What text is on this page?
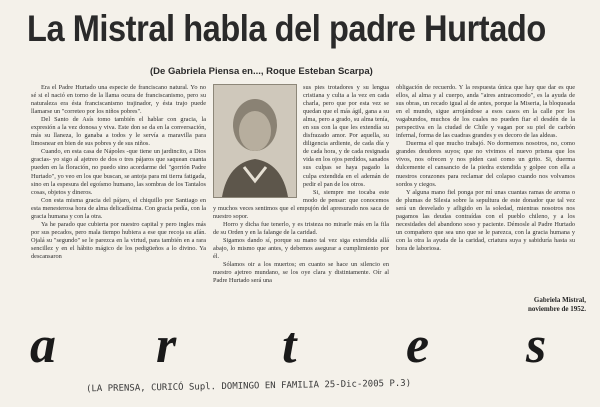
La Mistral habla del padre Hurtado
(De Gabriela Piensa en..., Roque Esteban Scarpa)

Era el Padre Hurtado una especie de franciscano natural. Yo no sé si el nació en torno de la llama ocura de franciscanismo, pero su naturaleza era ésta franciscanismo trajinador, y ésta trajo puede llamarse un "correteo por los niños pobres".

Del Santo de Asís tomo también el hablar con gracia, la expresión a la vez donosa y viva. Este don se da en la conversación, más su llaneza, lo ganaba a todos y le servía a maravilla para limosnear en bien de sus pobres y de sus niños.

Cuando, en esta casa de Nápoles -que tiene un jardincito, a Dios gracias- yo sigo al ajetreo de dos o tres pájaros que saquean cuanta pueden en la floración, no puedo sino acordarme del "gorrión Padre Hurtado", yo veo en los que buscan, se antoja para mi tierra fatigada, sino en la espesura del egoísmo humano, las sombras de los Tantalos cosas, objetos y dineros.

Con esta misma gracia del pájaro, el chiquillo por Santiago en esta menesterosa hora de alma delicadísima. Con gracia pedía, con la gracia humana y con la otra.

Ya he parado que cubierta por nuestro capital y pero ingles más por sus pecados, pero mala tiempo hubiera a ese que recoja su afán. Ojalá su "segundo" se le parezca en la virtud, para también en a rara sencillez y en el hábito mágico de los pedigüeños a lo divino. Ya descansaron

sus pies trotadores y su lengua cristiana y culta a la vez en cada charla, pero que por esta vez se quedan que el más ágil, gana a su alma, pero a grado, su alma tenía, en sus con la que les extendía su disfrazado amor. Por aquella, su diligencia ardiente, de cada día y de cada hora, y de cada resignada vida en los ojos perdidos, sanados sus culpas se haya pagado la culpa extendida en el ademán de pedir el pan de los otros.

Si, siempre me tocaba este modo de pensar: que conocemos y muchos veces sentimos que el empujón del apresurado nos saca de nuestro sopor.

Horro y dicha fue tenerlo, y es tristeza no mirarle más en la fila de su Orden y en la falange de la caridad.

Sigamos dando sí, porque su mano tal vez siga extendida allá abajo, lo mismo que antes, y debemos asegurar a cumplimiento por él.

Sólamos oir a los muertos; en cuanto se hace un silencio en nuestro ajetreo mundano, se los oye clara y distintamente. Oír al Padre Hurtado será una

obligación de recuerdo. Y la respuesta única que hay que dar es que ellos, al alma y al cuerpo, anda "aires antracomodo", es la ayuda de sus obras, un recado igual al de antes, porque la Miseria, la bloqueada en el mundo, sigue arrojándose a esos casos en la calle por los vagabundos, muchos de los cuales no pueden fiar el desdén de la perspectiva en la ciudad de Chile y vagan por su piel de carbón infernal, forma de las cuadras grandes y es decoro de las aldeas.

Duerma el que mucho trabajó. No dormemos nosotros, no, como grandes deudores suyos; que no vivimos el nuevo prisma que los vivos, nos ofrecen y nos piden casi como un grito. Si, duerma dulcemente el cansancio de la piedra extendida y golpee con ella a nuestros corazones para reclamar del colapso cuando nos volvamos sordos y ciegos.

Y alguna mano fiel ponga por mí unas cuantas ramas de aroma o de plumas de Silesia sobre la sepultura de este donador que tal vez será un desvelado y afligido en la soledad, mientras nosotros nos pagamos las deudas contraídas con el pueblo chileno, y a los necesidades del abandono soso y paciente. Démosle al Padre Hurtado un compañero que sea uno que se le parezca, con la gracia humana y con la otra la ayuda de la caridad, criatura suya y sabiduría hasta su hora de laboriosa.

Gabriela Mistral,
noviembre de 1952.
a r t e s
(LA PRENSA, CURICÓ Supl. DOMINGO EN FAMILIA 25-Dic-2005 P.3)
